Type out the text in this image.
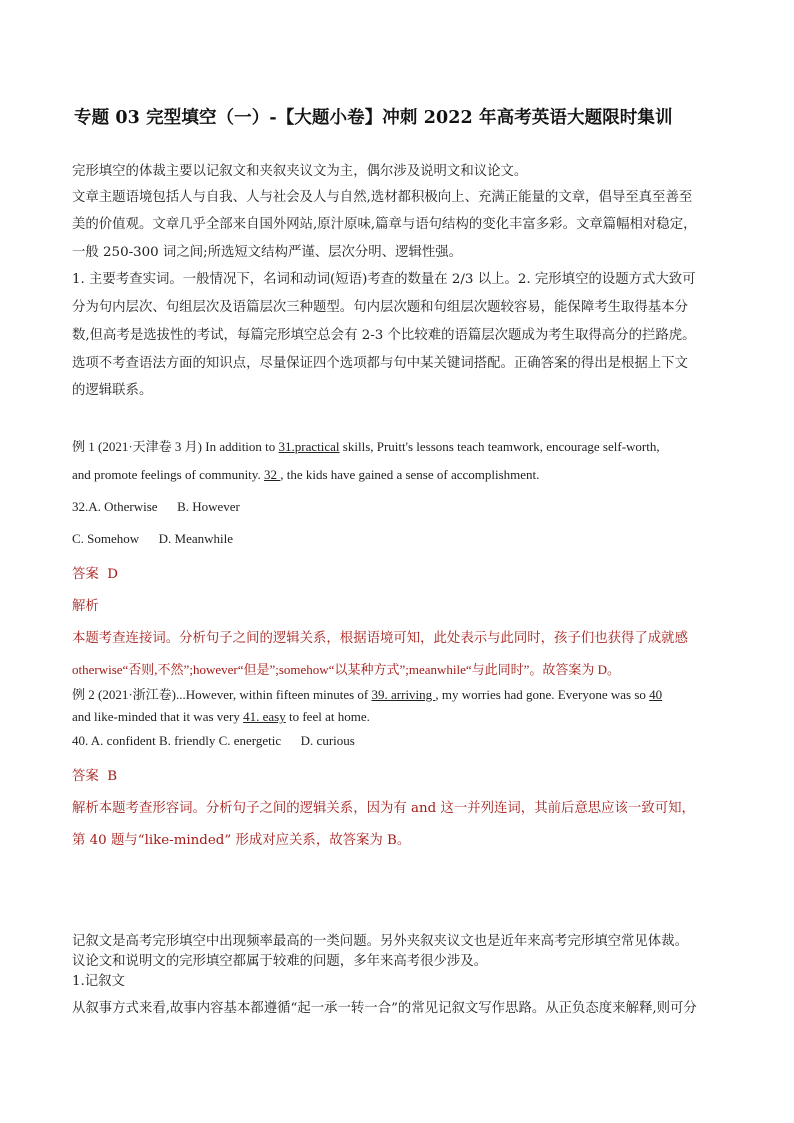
专题 03 完型填空（一）-【大题小卷】冲刺 2022 年高考英语大题限时集训
完形填空的体裁主要以记叙文和夹叙夹议文为主，偶尔涉及说明文和议论文。
文章主题语境包括人与自我、人与社会及人与自然,选材都积极向上、充满正能量的文章，倡导至真至善至
美的价值观。文章几乎全部来自国外网站,原汁原味,篇章与语句结构的变化丰富多彩。文章篇幅相对稳定，
一般 250-300 词之间;所选短文结构严谨、层次分明、逻辑性强。
1. 主要考查实词。一般情况下，名词和动词(短语)考查的数量在 2/3 以上。2. 完形填空的设题方式大致可
分为句内层次、句组层次及语篇层次三种题型。句内层次题和句组层次题较容易，能保障考生取得基本分
数,但高考是选拔性的考试，每篇完形填空总会有 2-3 个比较难的语篇层次题成为考生取得高分的拦路虎。
选项不考查语法方面的知识点，尽量保证四个选项都与句中某关键词搭配。正确答案的得出是根据上下文
的逻辑联系。
例 1 (2021·天津卷 3 月) In addition to 31.practical skills, Pruitt's lessons teach teamwork, encourage self-worth,
and promote feelings of community. 32 , the kids have gained a sense of accomplishment.
32.A. Otherwise      B. However
C. Somehow      D. Meanwhile
答案  D
解析
本题考查连接词。分析句子之间的逻辑关系，根据语境可知，此处表示与此同时，孩子们也获得了成就感
otherwise“否则,不然”;however“但是”;somehow“以某种方式”;meanwhile“与此同时”。故答案为 D。
例 2 (2021·浙江卷)...However, within fifteen minutes of 39. arriving , my worries had gone. Everyone was so 40
and like-minded that it was very 41. easy to feel at home.
40. A. confident B. friendly C. energetic      D. curious
答案  B
解析本题考查形容词。分析句子之间的逻辑关系，因为有 and 这一并列连词，其前后意思应该一致可知，
第 40 题与“like-minded” 形成对应关系，故答案为 B。
记叙文是高考完形填空中出现频率最高的一类问题。另外夹叙夹议文也是近年来高考完形填空常见体裁。
议论文和说明文的完形填空都属于较难的问题，多年来高考很少涉及。
1.记叙文
从叙事方式来看,故事内容基本都遵循“起一承一转一合”的常见记叙文写作思路。从正负态度来解释,则可分
